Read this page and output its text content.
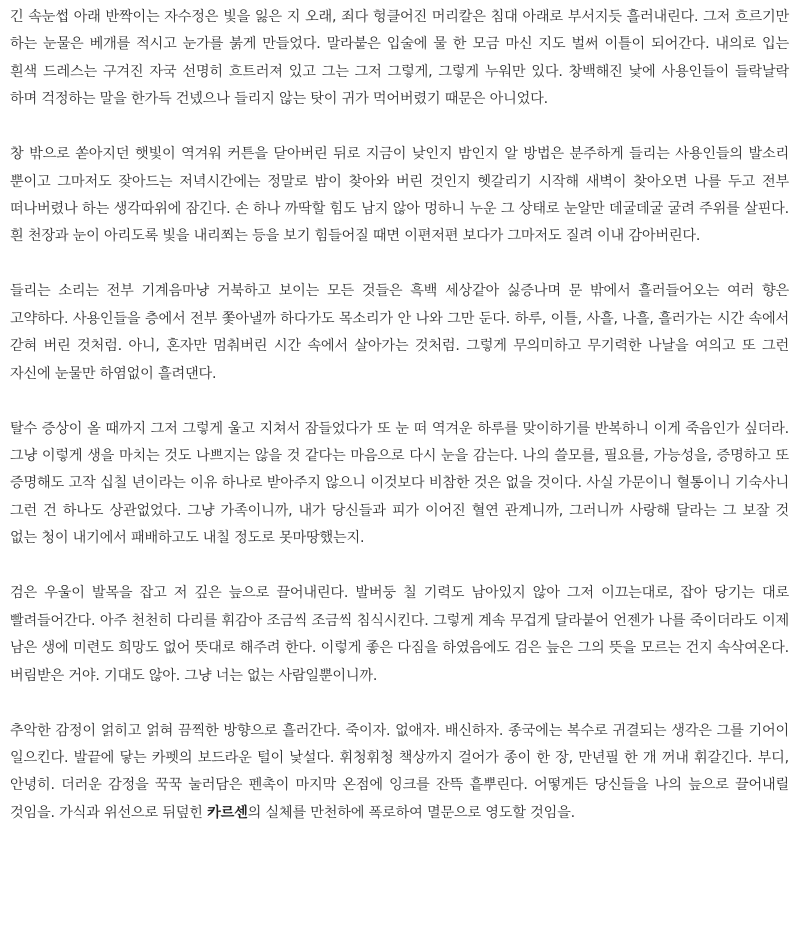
긴 속눈썹 아래 반짝이는 자수정은 빛을 잃은 지 오래, 죄다 헝클어진 머리칼은 침대 아래로 부서지듯 흘러내린다. 그저 흐르기만 하는 눈물은 베개를 적시고 눈가를 붉게 만들었다. 말라붙은 입술에 물 한 모금 마신 지도 벌써 이틀이 되어간다. 내의로 입는 흰색 드레스는 구겨진 자국 선명히 흐트러져 있고 그는 그저 그렇게, 그렇게 누워만 있다. 창백해진 낯에 사용인들이 들락날락 하며 걱정하는 말을 한가득 건넸으나 들리지 않는 탓이 귀가 먹어버렸기 때문은 아니었다.

창 밖으로 쏟아지던 햇빛이 역겨워 커튼을 닫아버린 뒤로 지금이 낮인지 밤인지 알 방법은 분주하게 들리는 사용인들의 발소리 뿐이고 그마저도 잦아드는 저녁시간에는 정말로 밤이 찾아와 버린 것인지 헷갈리기 시작해 새벽이 찾아오면 나를 두고 전부 떠나버렸나 하는 생각따위에 잠긴다. 손 하나 까딱할 힘도 남지 않아 멍하니 누운 그 상태로 눈알만 데굴데굴 굴려 주위를 살핀다. 흰 천장과 눈이 아리도록 빛을 내리쬐는 등을 보기 힘들어질 때면 이편저편 보다가 그마저도 질려 이내 감아버린다.

들리는 소리는 전부 기계음마냥 거북하고 보이는 모든 것들은 흑백 세상같아 싫증나며 문 밖에서 흘러들어오는 여러 향은 고약하다. 사용인들을 층에서 전부 쫓아낼까 하다가도 목소리가 안 나와 그만 둔다. 하루, 이틀, 사흘, 나흘, 흘러가는 시간 속에서 갇혀 버린 것처럼. 아니, 혼자만 멈춰버린 시간 속에서 살아가는 것처럼. 그렇게 무의미하고 무기력한 나날을 여의고 또 그런 자신에 눈물만 하염없이 흘려댄다.

탈수 증상이 올 때까지 그저 그렇게 울고 지쳐서 잠들었다가 또 눈 떠 역겨운 하루를 맞이하기를 반복하니 이게 죽음인가 싶더라. 그냥 이렇게 생을 마치는 것도 나쁘지는 않을 것 같다는 마음으로 다시 눈을 감는다. 나의 쓸모를, 필요를, 가능성을, 증명하고 또 증명해도 고작 십칠 년이라는 이유 하나로 받아주지 않으니 이것보다 비참한 것은 없을 것이다. 사실 가문이니 혈통이니 기숙사니 그런 건 하나도 상관없었다. 그냥 가족이니까, 내가 당신들과 피가 이어진 혈연 관계니까, 그러니까 사랑해 달라는 그 보잘 것 없는 청이 내기에서 패배하고도 내칠 정도로 못마땅했는지.

검은 우울이 발목을 잡고 저 깊은 늪으로 끌어내린다. 발버둥 칠 기력도 남아있지 않아 그저 이끄는대로, 잡아 당기는 대로 빨려들어간다. 아주 천천히 다리를 휘감아 조금씩 조금씩 침식시킨다. 그렇게 계속 무겁게 달라붙어 언젠가 나를 죽이더라도 이제 남은 생에 미련도 희망도 없어 뜻대로 해주려 한다. 이렇게 좋은 다짐을 하였음에도 검은 늪은 그의 뜻을 모르는 건지 속삭여온다. 버림받은 거야. 기대도 않아. 그냥 너는 없는 사람일뿐이니까.

추악한 감정이 얽히고 얽혀 끔찍한 방향으로 흘러간다. 죽이자. 없애자. 배신하자. 종국에는 복수로 귀결되는 생각은 그를 기어이 일으킨다. 발끝에 닿는 카펫의 보드라운 털이 낯설다. 휘청휘청 책상까지 걸어가 종이 한 장, 만년필 한 개 꺼내 휘갈긴다. 부디, 안녕히. 더러운 감정을 꾹꾹 눌러담은 펜촉이 마지막 온점에 잉크를 잔뜩 흩뿌린다. 어떻게든 당신들을 나의 늪으로 끌어내릴 것임을. 가식과 위선으로 뒤덮힌 카르센의 실체를 만천하에 폭로하여 멸문으로 영도할 것임을.
